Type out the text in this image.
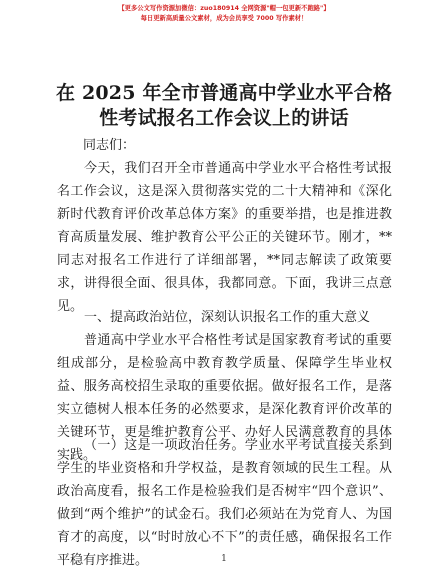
【更多公文写作资源加微信：zuo180914 全网资源"帽一包更新不跑路"】
每日更新高质量公文素材，成为会员享受 7000 写作素材！
在 2025 年全市普通高中学业水平合格性考试报名工作会议上的讲话

同志们：

今天，我们召开全市普通高中学业水平合格性考试报名工作会议，这是深入贯彻落实党的二十大精神和《深化新时代教育评价改革总体方案》的重要举措，也是推进教育高质量发展、维护教育公平公正的关键环节。刚才，**同志对报名工作进行了详细部署，**同志解读了政策要求，讲得很全面、很具体，我都同意。下面，我讲三点意见。

一、提高政治站位，深刻认识报名工作的重大意义

普通高中学业水平合格性考试是国家教育考试的重要组成部分，是检验高中教育教学质量、保障学生毕业权益、服务高校招生录取的重要依据。做好报名工作，是落实立德树人根本任务的必然要求，是深化教育评价改革的关键环节，更是维护教育公平、办好人民满意教育的具体实践。

（一）这是一项政治任务。学业水平考试直接关系到学生的毕业资格和升学权益，是教育领域的民生工程。从政治高度看，报名工作是检验我们是否树牢“四个意识”、做到“两个维护”的试金石。我们必须站在为党育人、为国育才的高度，以“时时放心不下”的责任感，确保报名工作平稳有序推进。	1
